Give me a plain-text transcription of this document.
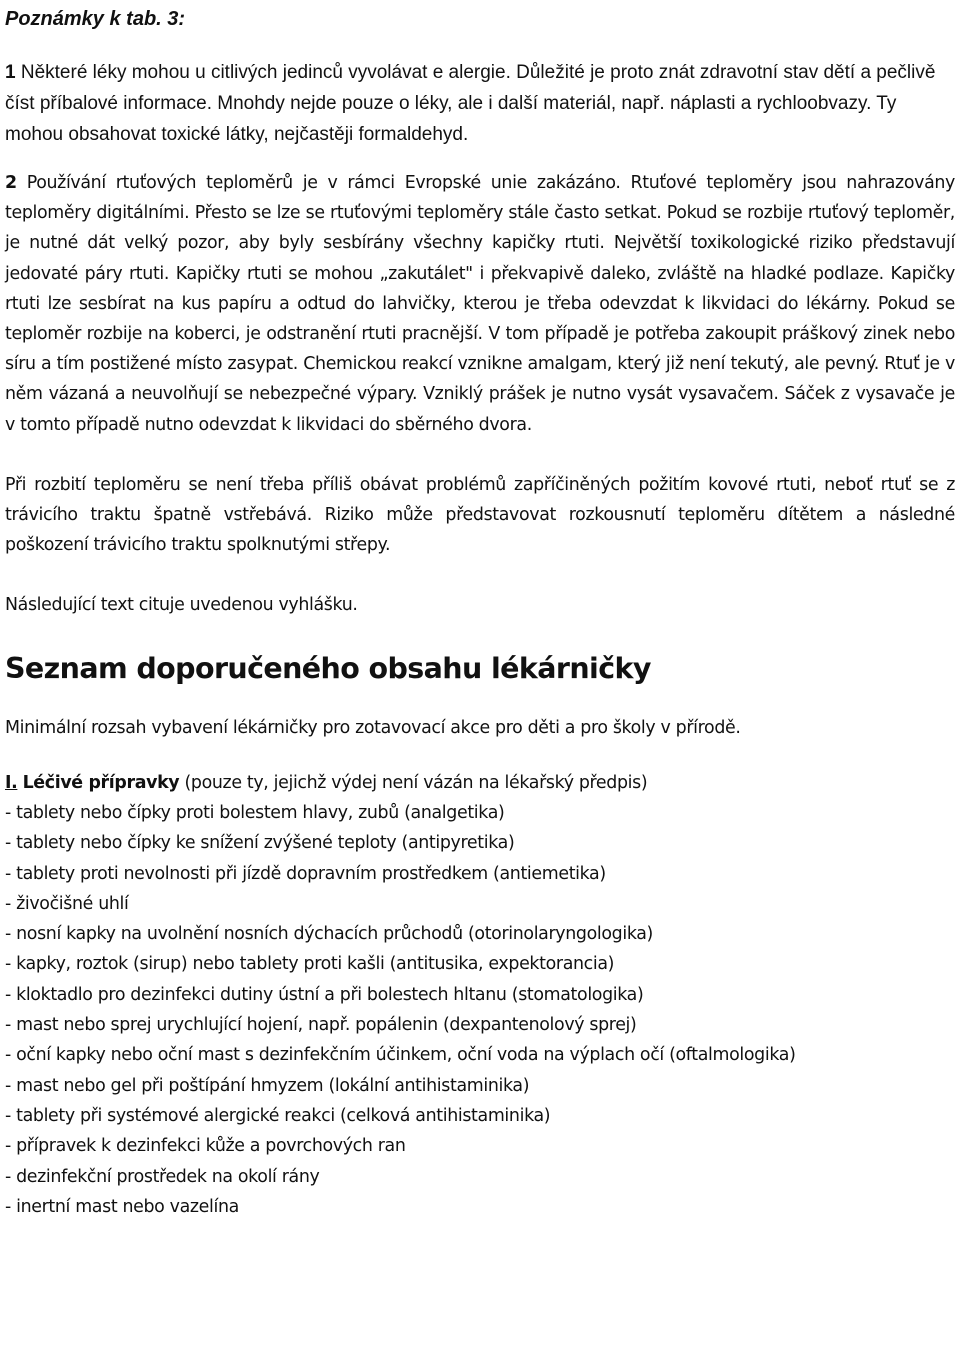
Poznámky k tab. 3:

1 Některé léky mohou u citlivých jedinců vyvolávat e alergie. Důležité je proto znát zdravotní stav dětí a pečlivě číst příbalové informace. Mnohdy nejde pouze o léky, ale i další materiál, např. náplasti a rychloobvazy. Ty mohou obsahovat toxické látky, nejčastěji formaldehyd.

2 Používání rtuťových teploměrů je v rámci Evropské unie zakázáno. Rtuťové teploměry jsou nahrazovány teploměry digitálními. Přesto se lze se rtuťovými teploměry stále často setkat. Pokud se rozbije rtuťový teploměr, je nutné dát velký pozor, aby byly sesbírány všechny kapičky rtuti. Největší toxikologické riziko představují jedovaté páry rtuti. Kapičky rtuti se mohou „zakutálet" i překvapivě daleko, zvláště na hladké podlaze. Kapičky rtuti lze sesbírat na kus papíru a odtud do lahvičky, kterou je třeba odevzdat k likvidaci do lékárny. Pokud se teploměr rozbije na koberci, je odstranění rtuti pracnější. V tom případě je potřeba zakoupit práškový zinek nebo síru a tím postižené místo zasypat. Chemickou reakcí vznikne amalgam, který již není tekutý, ale pevný. Rtuť je v něm vázaná a neuvolňují se nebezpečné výpary. Vzniklý prášek je nutno vysát vysavačem. Sáček z vysavače je v tomto případě nutno odevzdat k likvidaci do sběrného dvora.

Při rozbití teploměru se není třeba příliš obávat problémů zapříčiněných požitím kovové rtuti, neboť rtuť se z trávicího traktu špatně vstřebává. Riziko může představovat rozkousnutí teploměru dítětem a následné poškození trávicího traktu spolknutými střepy.

Následující text cituje uvedenou vyhlášku.

Seznam doporučeného obsahu lékárničky

Minimální rozsah vybavení lékárničky pro zotavovací akce pro děti a pro školy v přírodě.

I. Léčivé přípravky (pouze ty, jejichž výdej není vázán na lékařský předpis)

- tablety nebo čípky proti bolestem hlavy, zubů (analgetika)
- tablety nebo čípky ke snížení zvýšené teploty (antipyretika)
- tablety proti nevolnosti při jízdě dopravním prostředkem (antiemetika)
- živočišné uhlí
- nosní kapky na uvolnění nosních dýchacích průchodů (otorinolaryngologika)
- kapky, roztok (sirup) nebo tablety proti kašli (antitusika, expektorancia)
- kloktadlo pro dezinfekci dutiny ústní a při bolestech hltanu (stomatologika)
- mast nebo sprej urychlující hojení, např. popálenin (dexpantenolový sprej)
- oční kapky nebo oční mast s dezinfekčním účinkem, oční voda na výplach očí (oftalmologika)
- mast nebo gel při poštípání hmyzem (lokální antihistaminika)
- tablety při systémové alergické reakci (celková antihistaminika)
- přípravek k dezinfekci kůže a povrchových ran
- dezinfekční prostředek na okolí rány
- inertní mast nebo vazelína
